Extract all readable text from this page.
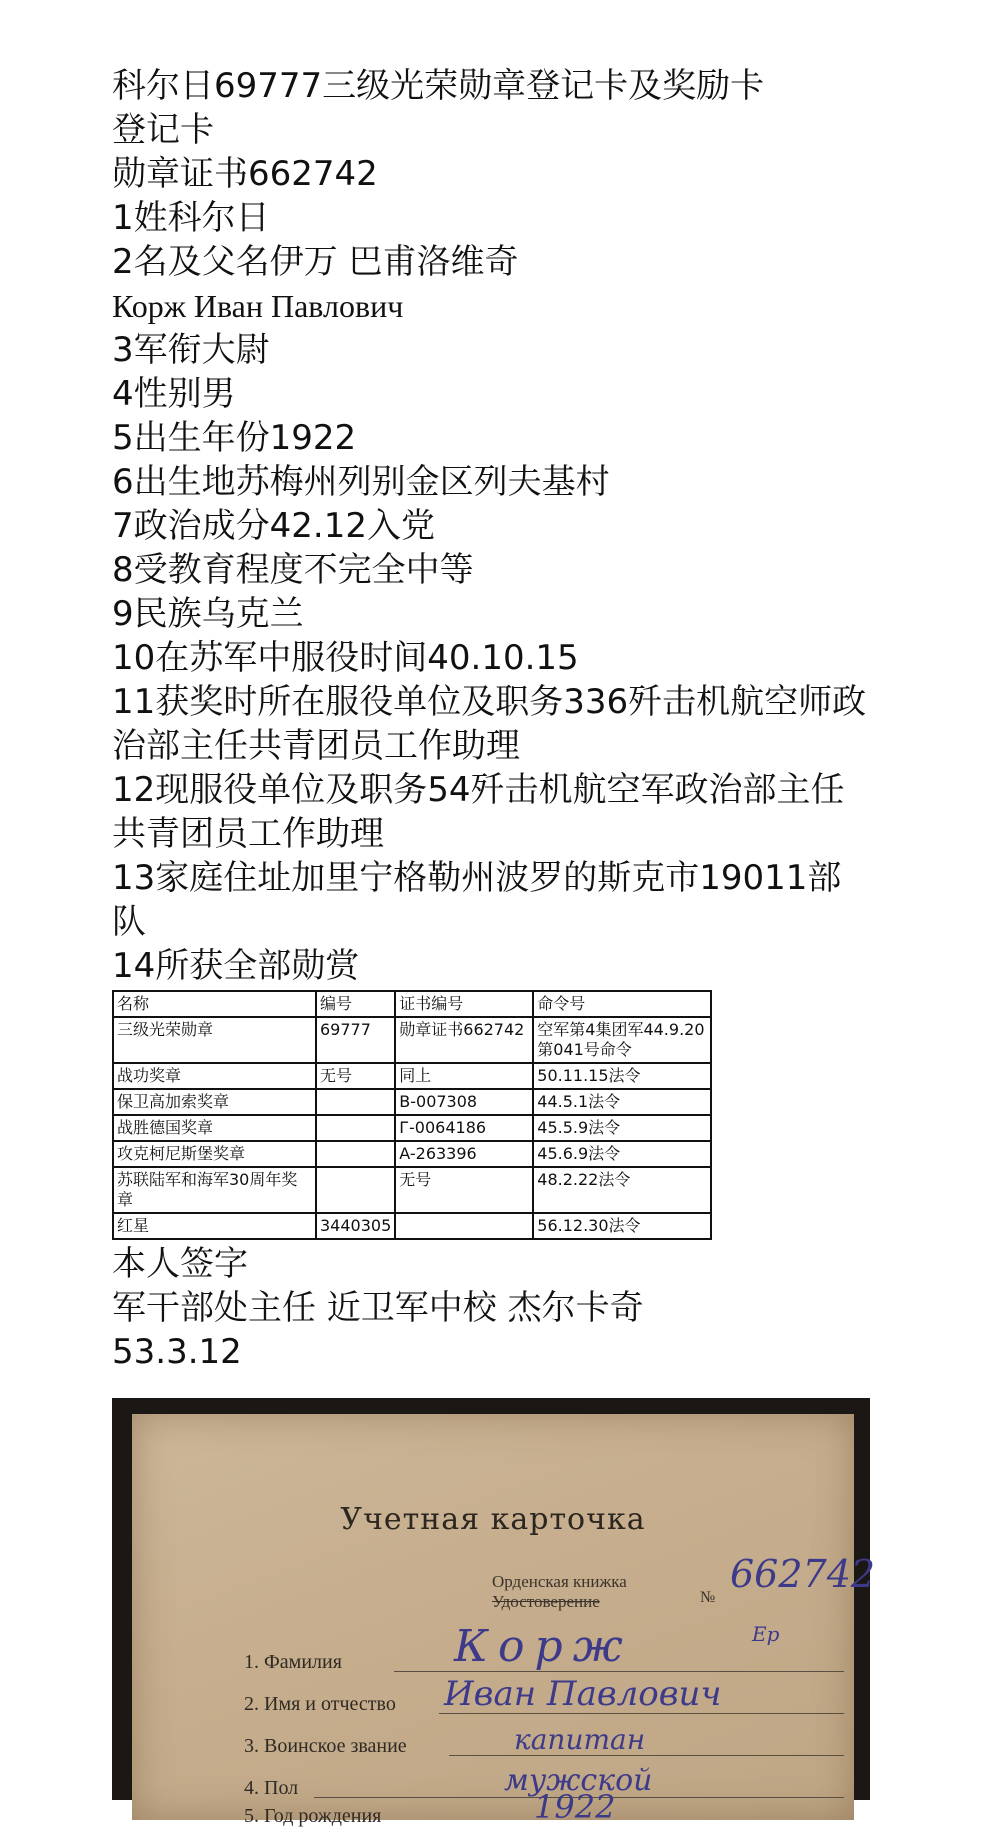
科尔日69777三级光荣勋章登记卡及奖励卡
登记卡
勋章证书662742
1姓科尔日
2名及父名伊万 巴甫洛维奇
Корж Иван Павлович
3军衔大尉
4性别男
5出生年份1922
6出生地苏梅州列别金区列夫基村
7政治成分42.12入党
8受教育程度不完全中等
9民族乌克兰
10在苏军中服役时间40.10.15
11获奖时所在服役单位及职务336歼击机航空师政治部主任共青团员工作助理
12现服役单位及职务54歼击机航空军政治部主任共青团员工作助理
13家庭住址加里宁格勒州波罗的斯克市19011部队
14所获全部勋赏
名称	编号	证书编号	命令号
三级光荣勋章	69777	勋章证书662742	空军第4集团军44.9.20第041号命令
战功奖章	无号	同上	50.11.15法令
保卫高加索奖章		B-007308	44.5.1法令
战胜德国奖章		Г-0064186	45.5.9法令
攻克柯尼斯堡奖章		A-263396	45.6.9法令
苏联陆军和海军30周年奖章		无号	48.2.22法令
红星	3440305		56.12.30法令
本人签字
军干部处主任 近卫军中校 杰尔卡奇
53.3.12
Учетная карточка
Орденская книжка
Удостоверение	№
662742
Ер
1. Фамилия	Корж
2. Имя и отчество Иван Павлович
3. Воинское звание	капитан
4. Пол	мужской
5. Год рождения	1922
